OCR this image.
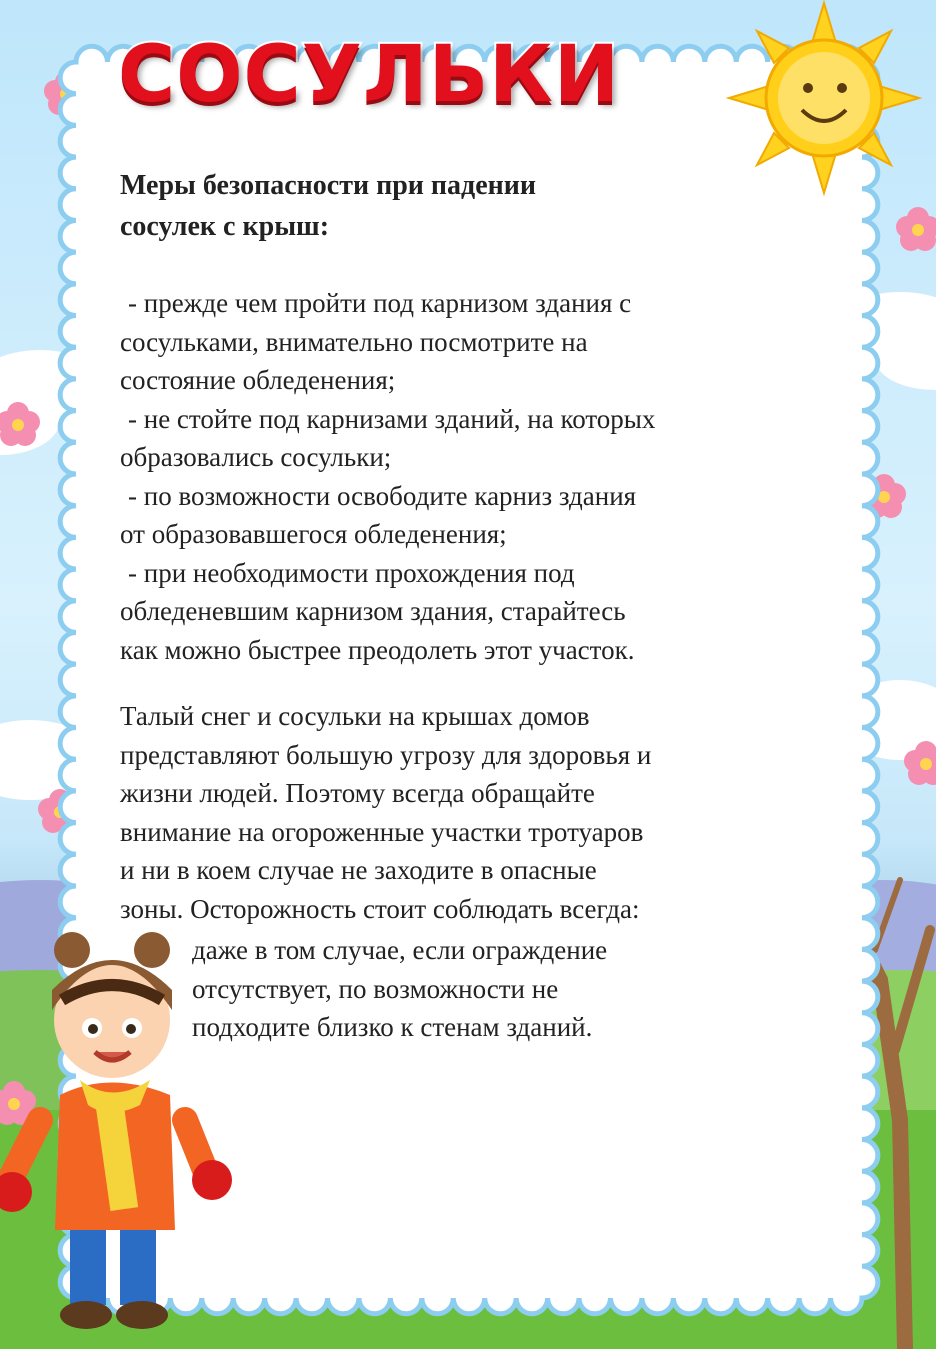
СОСУЛЬКИ
Меры безопасности при падении
сосулек с крыш:
- прежде чем пройти под карнизом здания с
сосульками, внимательно посмотрите на
состояние обледенения;
- не стойте под карнизами зданий, на которых
образовались сосульки;
- по возможности освободите карниз здания
от образовавшегося обледенения;
- при необходимости прохождения под
обледеневшим карнизом здания, старайтесь
как можно быстрее преодолеть этот участок.
Талый снег и сосульки на крышах домов
представляют большую угрозу для здоровья и
жизни людей. Поэтому всегда обращайте
внимание на огороженные участки тротуаров
и ни в коем случае не заходите в опасные
зоны. Осторожность стоит соблюдать всегда:
даже в том случае, если ограждение
отсутствует, по возможности не
подходите близко к стенам зданий.
